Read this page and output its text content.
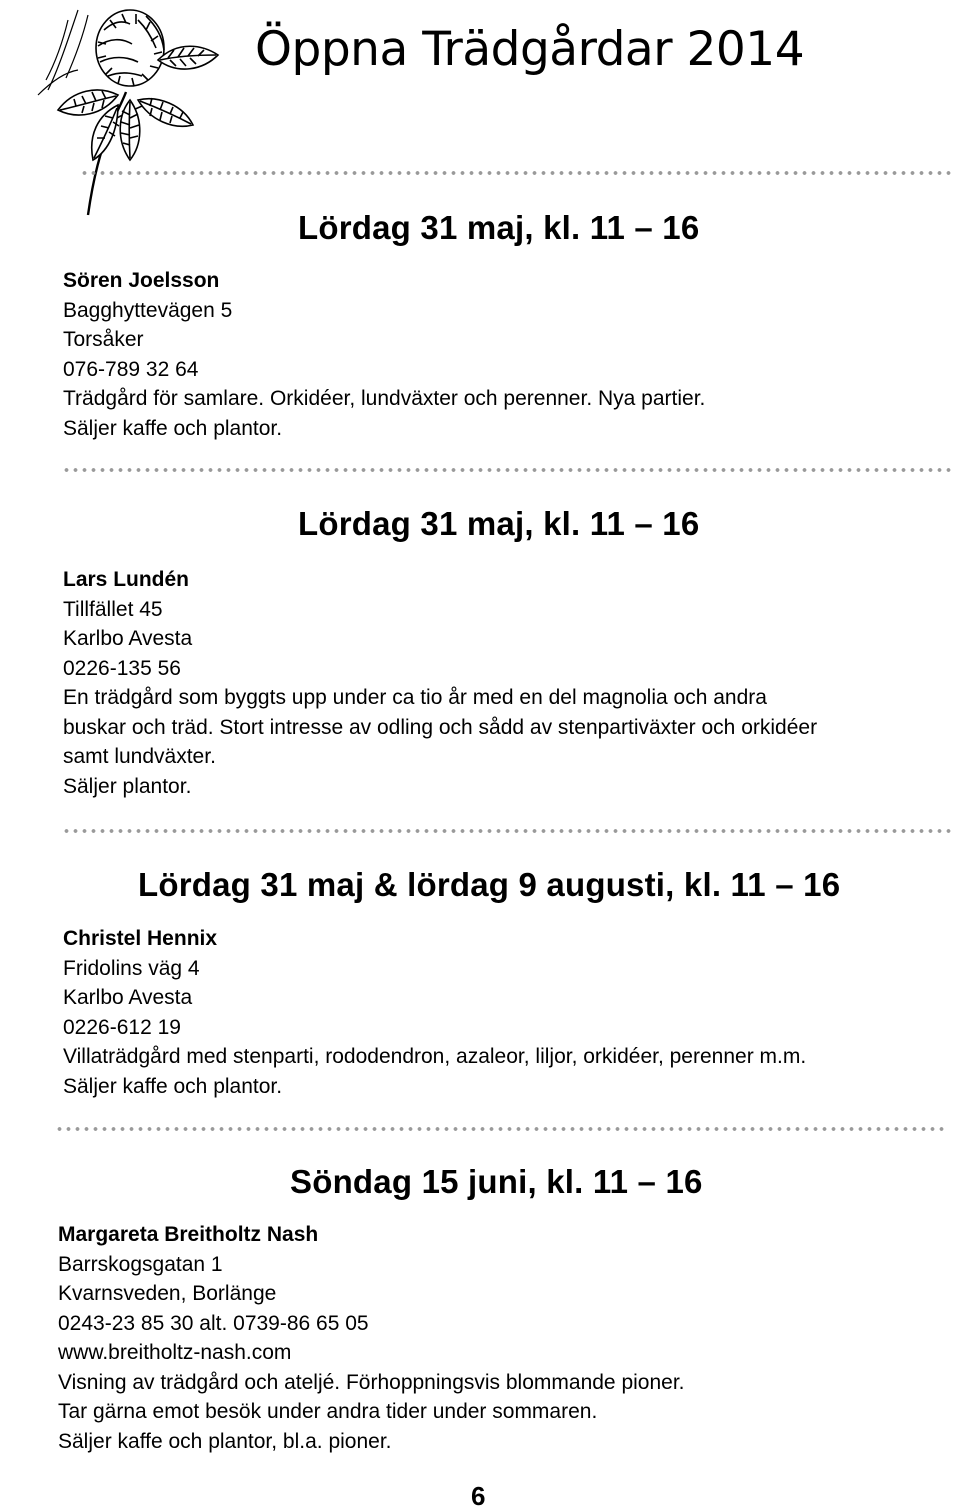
Öppna Trädgårdar 2014
Lördag 31 maj, kl. 11 – 16
Sören Joelsson
Bagghyttevägen 5
Torsåker
076-789 32 64
Trädgård för samlare. Orkidéer, lundväxter och perenner. Nya partier.
Säljer kaffe och plantor.
Lördag 31 maj, kl. 11 – 16
Lars Lundén
Tillfället 45
Karlbo Avesta
0226-135 56
En trädgård som byggts upp under ca tio år med en del magnolia och andra
buskar och träd. Stort intresse av odling och sådd av stenpartiväxter och orkidéer
samt lundväxter.
Säljer plantor.
Lördag 31 maj & lördag 9 augusti, kl. 11 – 16
Christel Hennix
Fridolins väg 4
Karlbo Avesta
0226-612 19
Villaträdgård med stenparti, rododendron, azaleor, liljor, orkidéer, perenner m.m.
Säljer kaffe och plantor.
Söndag 15 juni, kl. 11 – 16
Margareta Breitholtz Nash
Barrskogsgatan 1
Kvarnsveden, Borlänge
0243-23 85 30 alt. 0739-86 65 05
www.breitholtz-nash.com
Visning av trädgård och ateljé. Förhoppningsvis blommande pioner.
Tar gärna emot besök under andra tider under sommaren.
Säljer kaffe och plantor, bl.a. pioner.
6
